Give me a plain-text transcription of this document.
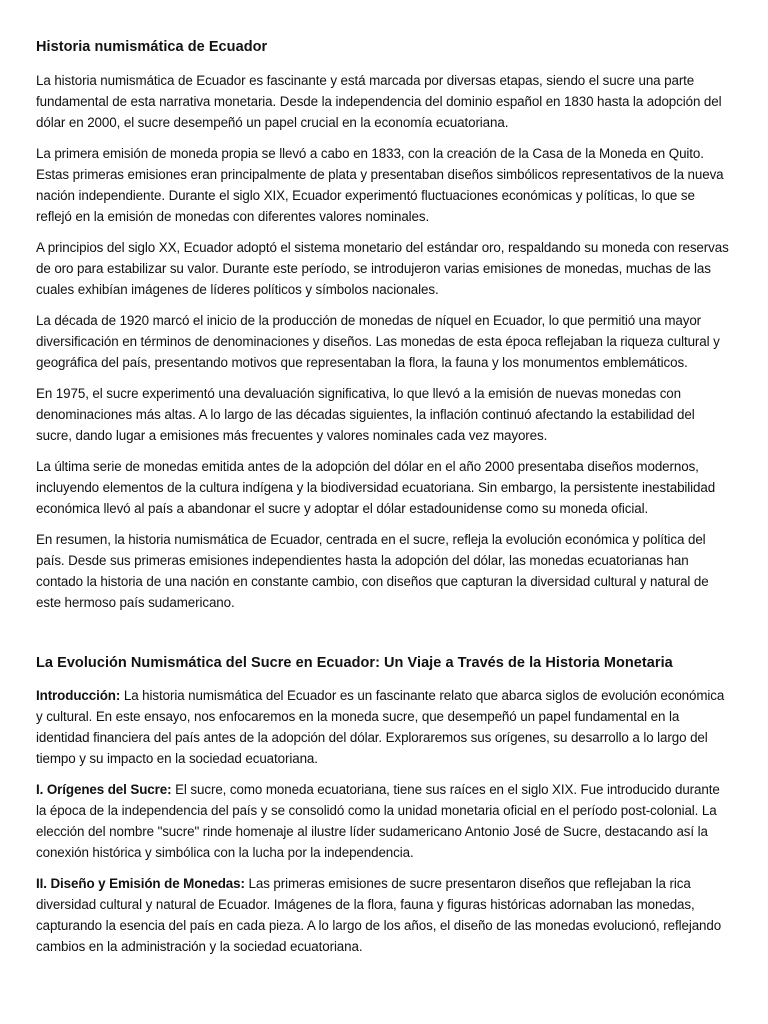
Historia numismática de Ecuador

La historia numismática de Ecuador es fascinante y está marcada por diversas etapas, siendo el sucre una parte fundamental de esta narrativa monetaria. Desde la independencia del dominio español en 1830 hasta la adopción del dólar en 2000, el sucre desempeñó un papel crucial en la economía ecuatoriana.

La primera emisión de moneda propia se llevó a cabo en 1833, con la creación de la Casa de la Moneda en Quito. Estas primeras emisiones eran principalmente de plata y presentaban diseños simbólicos representativos de la nueva nación independiente. Durante el siglo XIX, Ecuador experimentó fluctuaciones económicas y políticas, lo que se reflejó en la emisión de monedas con diferentes valores nominales.

A principios del siglo XX, Ecuador adoptó el sistema monetario del estándar oro, respaldando su moneda con reservas de oro para estabilizar su valor. Durante este período, se introdujeron varias emisiones de monedas, muchas de las cuales exhibían imágenes de líderes políticos y símbolos nacionales.

La década de 1920 marcó el inicio de la producción de monedas de níquel en Ecuador, lo que permitió una mayor diversificación en términos de denominaciones y diseños. Las monedas de esta época reflejaban la riqueza cultural y geográfica del país, presentando motivos que representaban la flora, la fauna y los monumentos emblemáticos.

En 1975, el sucre experimentó una devaluación significativa, lo que llevó a la emisión de nuevas monedas con denominaciones más altas. A lo largo de las décadas siguientes, la inflación continuó afectando la estabilidad del sucre, dando lugar a emisiones más frecuentes y valores nominales cada vez mayores.

La última serie de monedas emitida antes de la adopción del dólar en el año 2000 presentaba diseños modernos, incluyendo elementos de la cultura indígena y la biodiversidad ecuatoriana. Sin embargo, la persistente inestabilidad económica llevó al país a abandonar el sucre y adoptar el dólar estadounidense como su moneda oficial.

En resumen, la historia numismática de Ecuador, centrada en el sucre, refleja la evolución económica y política del país. Desde sus primeras emisiones independientes hasta la adopción del dólar, las monedas ecuatorianas han contado la historia de una nación en constante cambio, con diseños que capturan la diversidad cultural y natural de este hermoso país sudamericano.

La Evolución Numismática del Sucre en Ecuador: Un Viaje a Través de la Historia Monetaria

Introducción: La historia numismática del Ecuador es un fascinante relato que abarca siglos de evolución económica y cultural. En este ensayo, nos enfocaremos en la moneda sucre, que desempeñó un papel fundamental en la identidad financiera del país antes de la adopción del dólar. Exploraremos sus orígenes, su desarrollo a lo largo del tiempo y su impacto en la sociedad ecuatoriana.

I. Orígenes del Sucre: El sucre, como moneda ecuatoriana, tiene sus raíces en el siglo XIX. Fue introducido durante la época de la independencia del país y se consolidó como la unidad monetaria oficial en el período post-colonial. La elección del nombre "sucre" rinde homenaje al ilustre líder sudamericano Antonio José de Sucre, destacando así la conexión histórica y simbólica con la lucha por la independencia.

II. Diseño y Emisión de Monedas: Las primeras emisiones de sucre presentaron diseños que reflejaban la rica diversidad cultural y natural de Ecuador. Imágenes de la flora, fauna y figuras históricas adornaban las monedas, capturando la esencia del país en cada pieza. A lo largo de los años, el diseño de las monedas evolucionó, reflejando cambios en la administración y la sociedad ecuatoriana.
